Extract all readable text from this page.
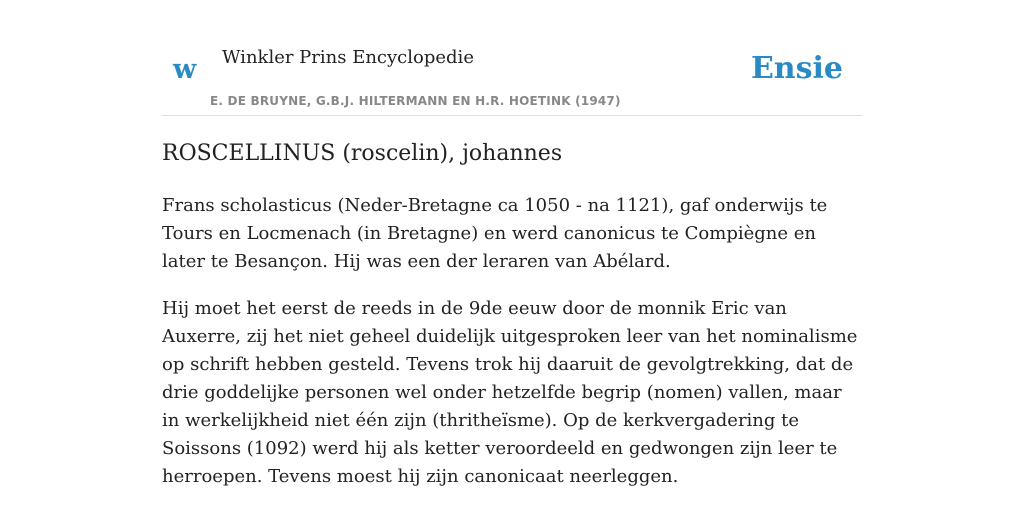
w Winkler Prins Encyclopedie	Ensie
E. DE BRUYNE, G.B.J. HILTERMANN EN H.R. HOETINK (1947)
ROSCELLINUS (roscelin), johannes

Frans scholasticus (Neder-Bretagne ca 1050 - na 1121), gaf onderwijs te Tours en Locmenach (in Bretagne) en werd canonicus te Compiègne en later te Besançon. Hij was een der leraren van Abélard.

Hij moet het eerst de reeds in de 9de eeuw door de monnik Eric van Auxerre, zij het niet geheel duidelijk uitgesproken leer van het nominalisme op schrift hebben gesteld. Tevens trok hij daaruit de gevolgtrekking, dat de drie goddelijke personen wel onder hetzelfde begrip (nomen) vallen, maar in werkelijkheid niet één zijn (thritheïsme). Op de kerkvergadering te Soissons (1092) werd hij als ketter veroordeeld en gedwongen zijn leer te herroepen. Tevens moest hij zijn canonicaat neerleggen.
